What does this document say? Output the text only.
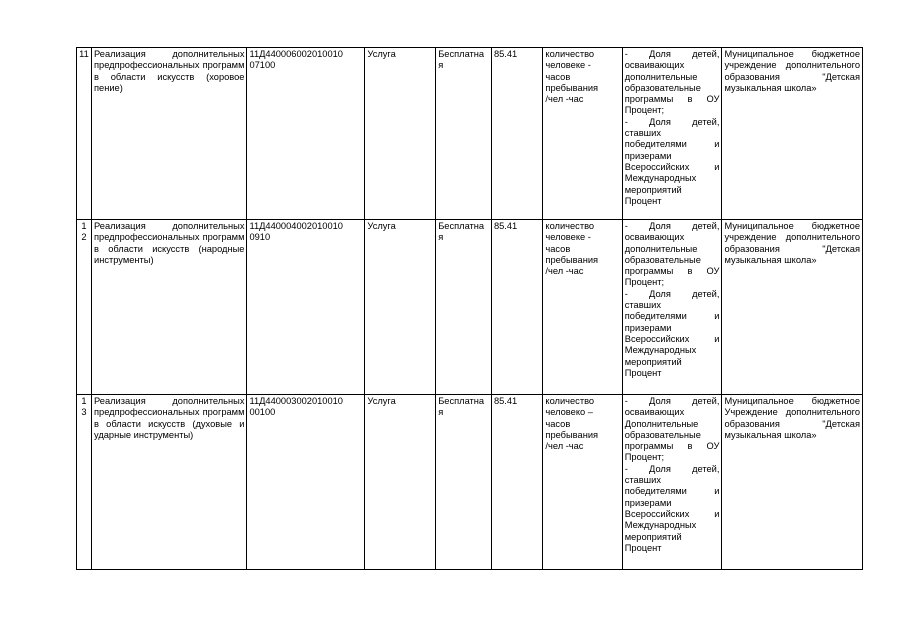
11	Реализация дополнительных предпрофессиональных программ в области искусств (хоровое пение)	11Д440006002010010
07100	Услуга	Бесплатна
я	85.41	количество
человеке -
часов
пребывания
/чел -час	- Доля детей, осваивающих дополнительные образовательные программы в ОУ Процент;
- Доля детей, ставших победителями и призерами Всероссийских и Международных мероприятий Процент	Муниципальное бюджетное учреждение дополнительного образования "Детская музыкальная школа»
12	Реализация дополнительных предпрофессиональных программ в области искусств (народные инструменты)	11Д440004002010010
0910	Услуга	Бесплатна
я	85.41	количество
человеке -
часов
пребывания
/чел -час	- Доля детей, осваивающих дополнительные образовательные программы в ОУ Процент;
- Доля детей, ставших победителями и призерами Всероссийских и Международных мероприятий Процент	Муниципальное бюджетное учреждение дополнительного образования "Детская музыкальная школа»
13	Реализация дополнительных предпрофессиональных программ в области искусств (духовые и ударные инструменты)	11Д440003002010010
00100	Услуга	Бесплатна
я	85.41	количество
человеко –
часов
пребывания
/чел -час	- Доля детей, осваивающих Дополнительные образовательные программы в ОУ Процент;
- Доля детей, ставших победителями и призерами Всероссийских и Международных мероприятий Процент	Муниципальное бюджетное Учреждение дополнительного образования "Детская музыкальная школа»
